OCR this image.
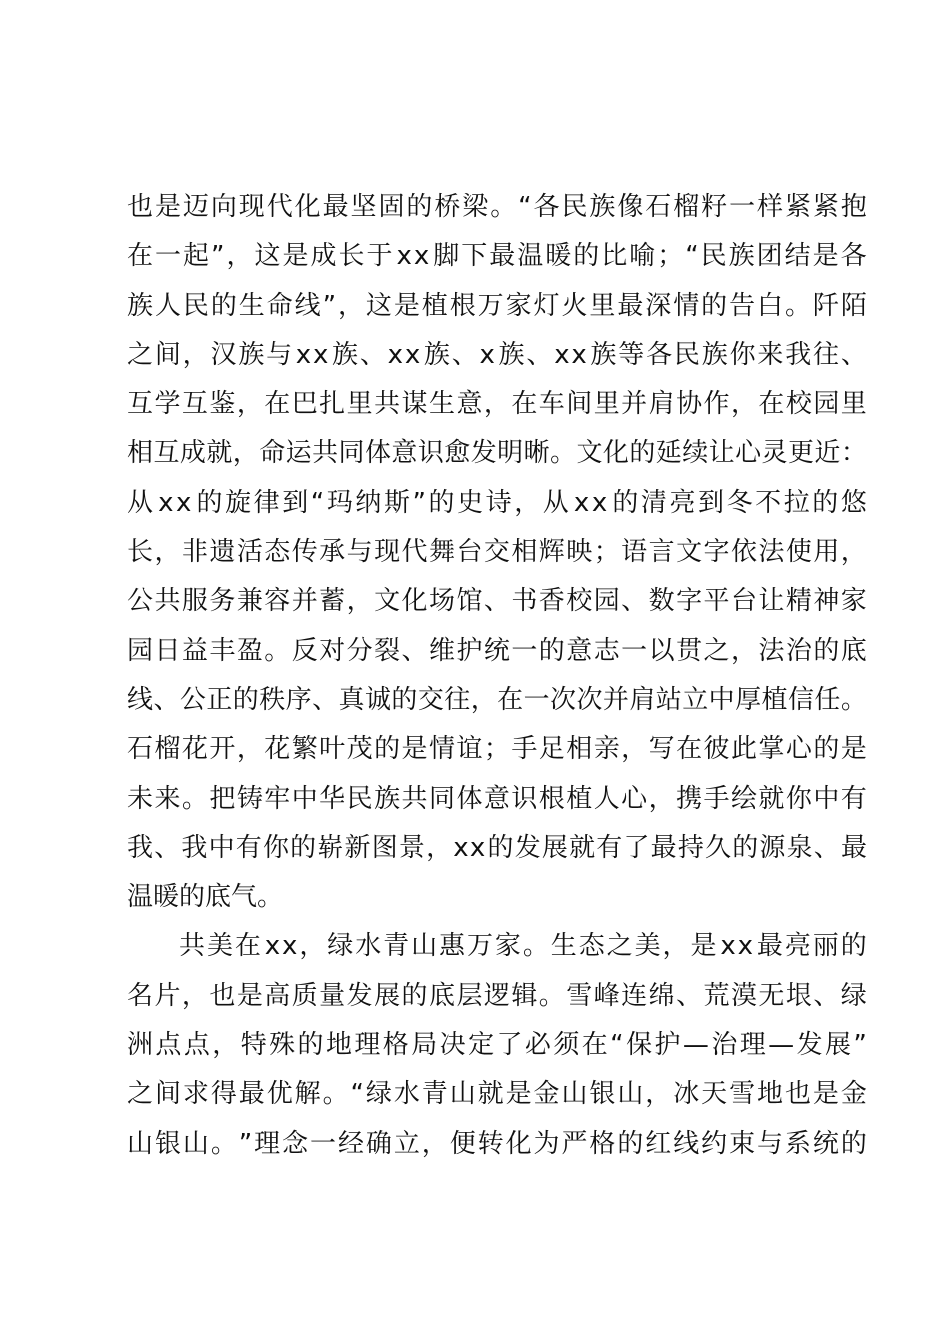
也 是 迈 向 现 代 化 最 坚 固 的 桥 梁 。 “ 各 民 族 像 石 榴 籽 一 样 紧 紧 抱
在 一 起 ” ， 这 是 成 长 于 x x 脚 下 最 温 暖 的 比 喻 ； “ 民 族 团 结 是 各
族 人 民 的 生 命 线 ” ， 这 是 植 根 万 家 灯 火 里 最 深 情 的 告 白 。 阡 陌
之 间 ， 汉 族 与 x x 族 、 x x 族 、 x 族 、 x x 族 等 各 民 族 你 来 我 往 、
互 学 互 鉴 ， 在 巴 扎 里 共 谋 生 意 ， 在 车 间 里 并 肩 协 作 ， 在 校 园 里
相 互 成 就 ， 命 运 共 同 体 意 识 愈 发 明 晰 。 文 化 的 延 续 让 心 灵 更 近 ：
从 x x 的 旋 律 到 “ 玛 纳 斯 ” 的 史 诗 ， 从 x x 的 清 亮 到 冬 不 拉 的 悠
长 ， 非 遗 活 态 传 承 与 现 代 舞 台 交 相 辉 映 ； 语 言 文 字 依 法 使 用 ，
公 共 服 务 兼 容 并 蓄 ， 文 化 场 馆 、 书 香 校 园 、 数 字 平 台 让 精 神 家
园 日 益 丰 盈 。 反 对 分 裂 、 维 护 统 一 的 意 志 一 以 贯 之 ， 法 治 的 底
线 、 公 正 的 秩 序 、 真 诚 的 交 往 ， 在 一 次 次 并 肩 站 立 中 厚 植 信 任 。
石 榴 花 开 ， 花 繁 叶 茂 的 是 情 谊 ； 手 足 相 亲 ， 写 在 彼 此 掌 心 的 是
未 来 。 把 铸 牢 中 华 民 族 共 同 体 意 识 根 植 人 心 ， 携 手 绘 就 你 中 有
我 、 我 中 有 你 的 崭 新 图 景 ， x x 的 发 展 就 有 了 最 持 久 的 源 泉 、 最
温暖的底气。
共 美 在 x x ， 绿 水 青 山 惠 万 家 。 生 态 之 美 ， 是 x x 最 亮 丽 的
名 片 ， 也 是 高 质 量 发 展 的 底 层 逻 辑 。 雪 峰 连 绵 、 荒 漠 无 垠 、 绿
洲 点 点 ， 特 殊 的 地 理 格 局 决 定 了 必 须 在 “ 保 护 — 治 理 — 发 展 ”
之 间 求 得 最 优 解 。 “ 绿 水 青 山 就 是 金 山 银 山 ， 冰 天 雪 地 也 是 金
山 银 山 。 ” 理 念 一 经 确 立 ， 便 转 化 为 严 格 的 红 线 约 束 与 系 统 的
